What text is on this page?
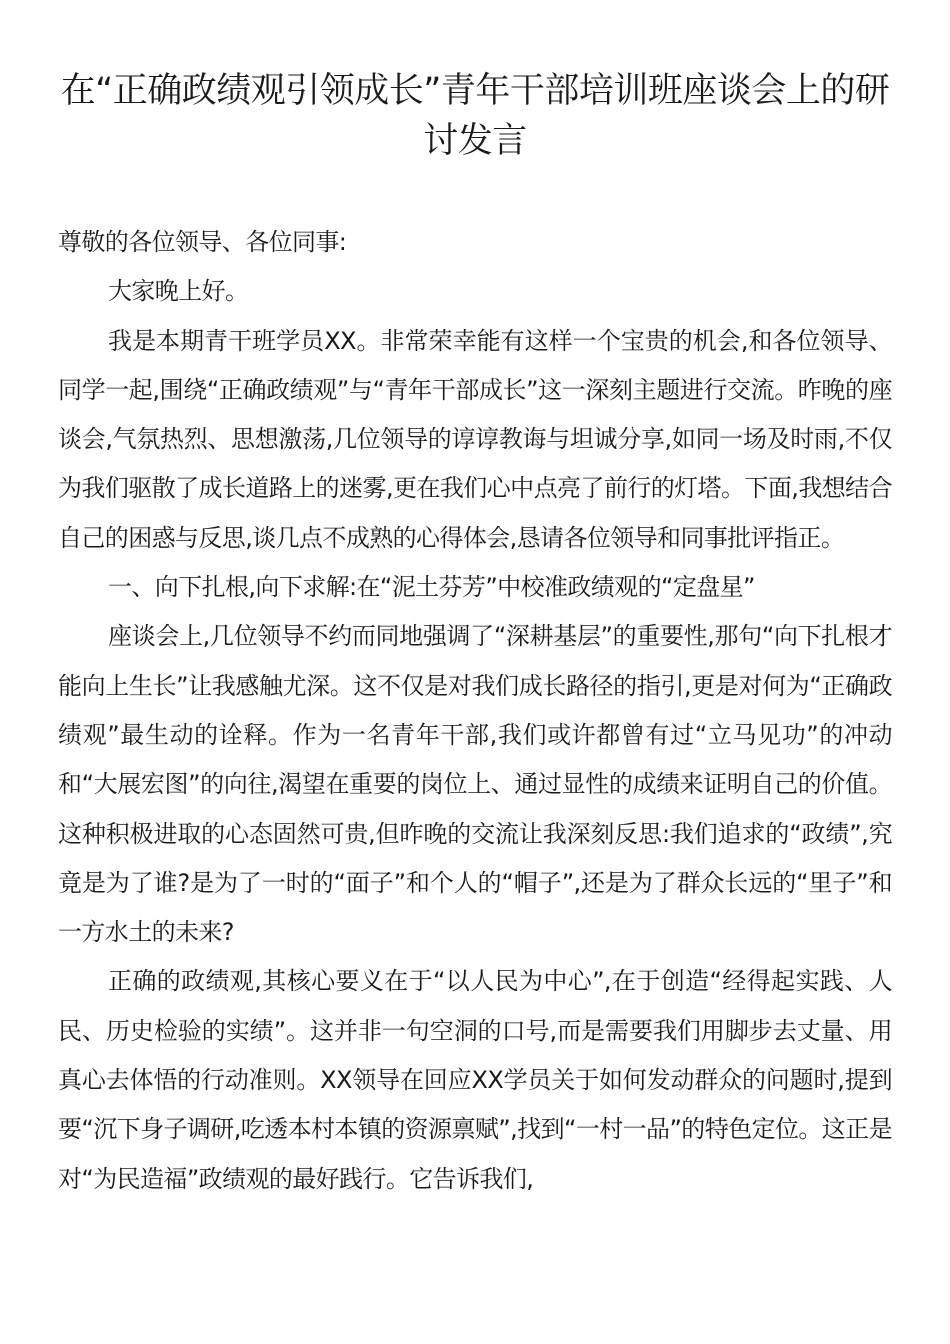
在“正确政绩观引领成长”青年干部培训班座谈会上的研讨发言

尊敬的各位领导、各位同事:

大家晚上好。

我是本期青干班学员XX。非常荣幸能有这样一个宝贵的机会,和各位领导、同学一起,围绕“正确政绩观”与“青年干部成长”这一深刻主题进行交流。昨晚的座谈会,气氛热烈、思想激荡,几位领导的谆谆教诲与坦诚分享,如同一场及时雨,不仅为我们驱散了成长道路上的迷雾,更在我们心中点亮了前行的灯塔。下面,我想结合自己的困惑与反思,谈几点不成熟的心得体会,恳请各位领导和同事批评指正。

一、向下扎根,向下求解:在“泥土芬芳”中校准政绩观的“定盘星”

座谈会上,几位领导不约而同地强调了“深耕基层”的重要性,那句“向下扎根才能向上生长”让我感触尤深。这不仅是对我们成长路径的指引,更是对何为“正确政绩观”最生动的诠释。作为一名青年干部,我们或许都曾有过“立马见功”的冲动和“大展宏图”的向往,渴望在重要的岗位上、通过显性的成绩来证明自己的价值。这种积极进取的心态固然可贵,但昨晚的交流让我深刻反思:我们追求的“政绩”,究竟是为了谁?是为了一时的“面子”和个人的“帽子”,还是为了群众长远的“里子”和一方水土的未来?

正确的政绩观,其核心要义在于“以人民为中心”,在于创造“经得起实践、人民、历史检验的实绩”。这并非一句空洞的口号,而是需要我们用脚步去丈量、用真心去体悟的行动准则。XX领导在回应XX学员关于如何发动群众的问题时,提到要“沉下身子调研,吃透本村本镇的资源禀赋”,找到“一村一品”的特色定位。这正是对“为民造福”政绩观的最好践行。它告诉我们,
